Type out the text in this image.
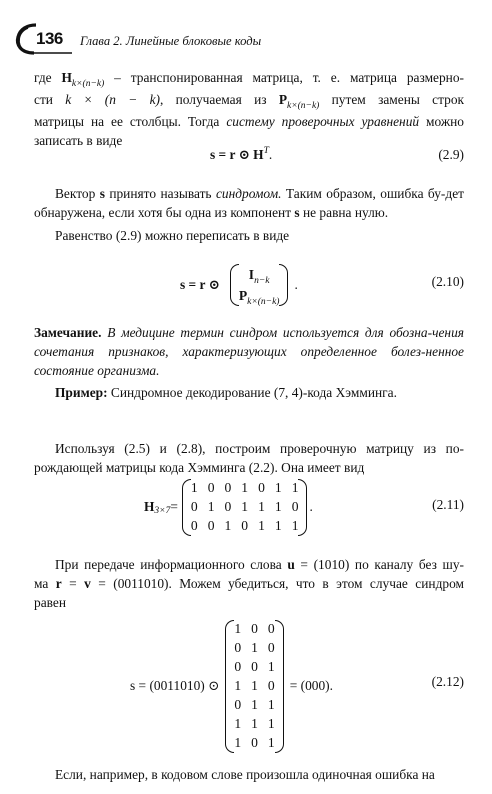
136 Глава 2. Линейные блоковые коды
где $H_{k\times(n-k)}$ – транспонированная матрица, т. е. матрица размерно-
сти k × (n − k), получаемая из $P_{k\times(n-k)}$ путем замены строк
матрицы на ее столбцы. Тогда систему проверочных уравнений можно
записать в виде
s = r ⊙ $H^T$.	(2.9)
Вектор s принято называть синдромом. Таким образом, ошибка бу-дет обнаружена, если хотя бы одна из компонент s не равна нулю.
Равенство (2.9) можно переписать в виде
s = r ⊙
$I_{n-k}$
$P_{k\times(n-k)}$
.	(2.10)
Замечание. В медицине термин синдром используется для обозна-чения сочетания признаков, характеризующих определенное болез-ненное состояние организма.
Пример: Синдромное декодирование (7, 4)-кода Хэмминга.
Используя (2.5) и (2.8), построим проверочную матрицу из по-рождающей матрицы кода Хэмминга (2.2). Она имеет вид
H 3×7 =
1	0	0	1	0	1	1
0	1	0	1	1	1	0
0	0	1	0	1	1	1
.	(2.11)
При передаче информационного слова u = (1010) по каналу без шу-
ма r = v = (0011010). Можем убедиться, что в этом случае синдром
равен
s = (0011010) ⊙
1	0	0
0	1	0
0	0	1
1	1	0
0	1	1
1	1	1
1	0	1
= (000).	(2.12)
Если, например, в кодовом слове произошла одиночная ошибка на
